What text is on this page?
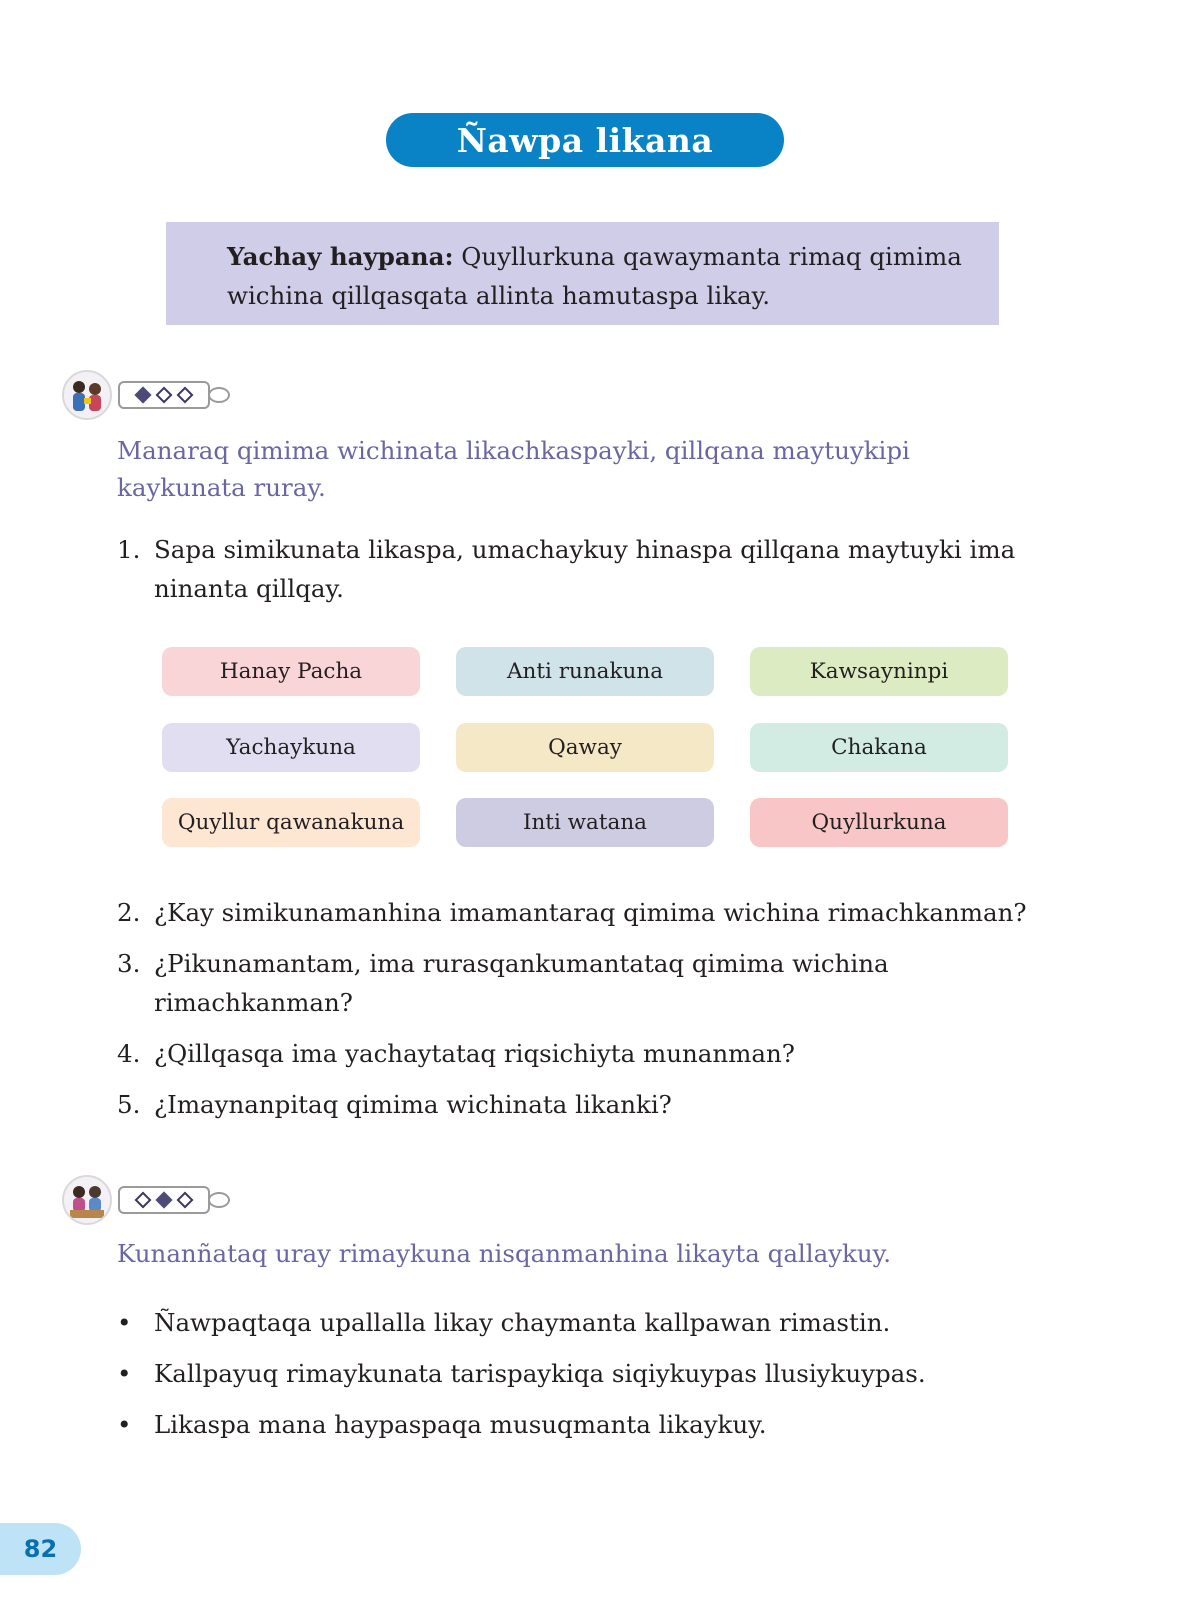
Ñawpa likana
Yachay haypana: Quyllurkuna qawaymanta rimaq qimima wichina qillqasqata allinta hamutaspa likay.
Manaraq qimima wichinata likachkaspayki, qillqana maytuykipi kaykunata ruray.
1. Sapa simikunata likaspa, umachaykuy hinaspa qillqana maytuyki ima ninanta qillqay.
Hanay Pacha	Anti runakuna	Kawsayninpi
Yachaykuna	Qaway	Chakana
Quyllur qawanakuna	Inti watana	Quyllurkuna
2. ¿Kay simikunamanhina imamantaraq qimima wichina rimachkanman?
3. ¿Pikunamantam, ima rurasqankumantataq qimima wichina rimachkanman?
4. ¿Qillqasqa ima yachaytataq riqsichiyta munanman?
5. ¿Imaynanpitaq qimima wichinata likanki?
Kunanñataq uray rimaykuna nisqanmanhina likayta qallaykuy.
• Ñawpaqtaqa upallalla likay chaymanta kallpawan rimastin.
• Kallpayuq rimaykunata tarispaykiqa siqiykuypas llusiykuypas.
• Likaspa mana haypaspaqa musuqmanta likaykuy.
82
